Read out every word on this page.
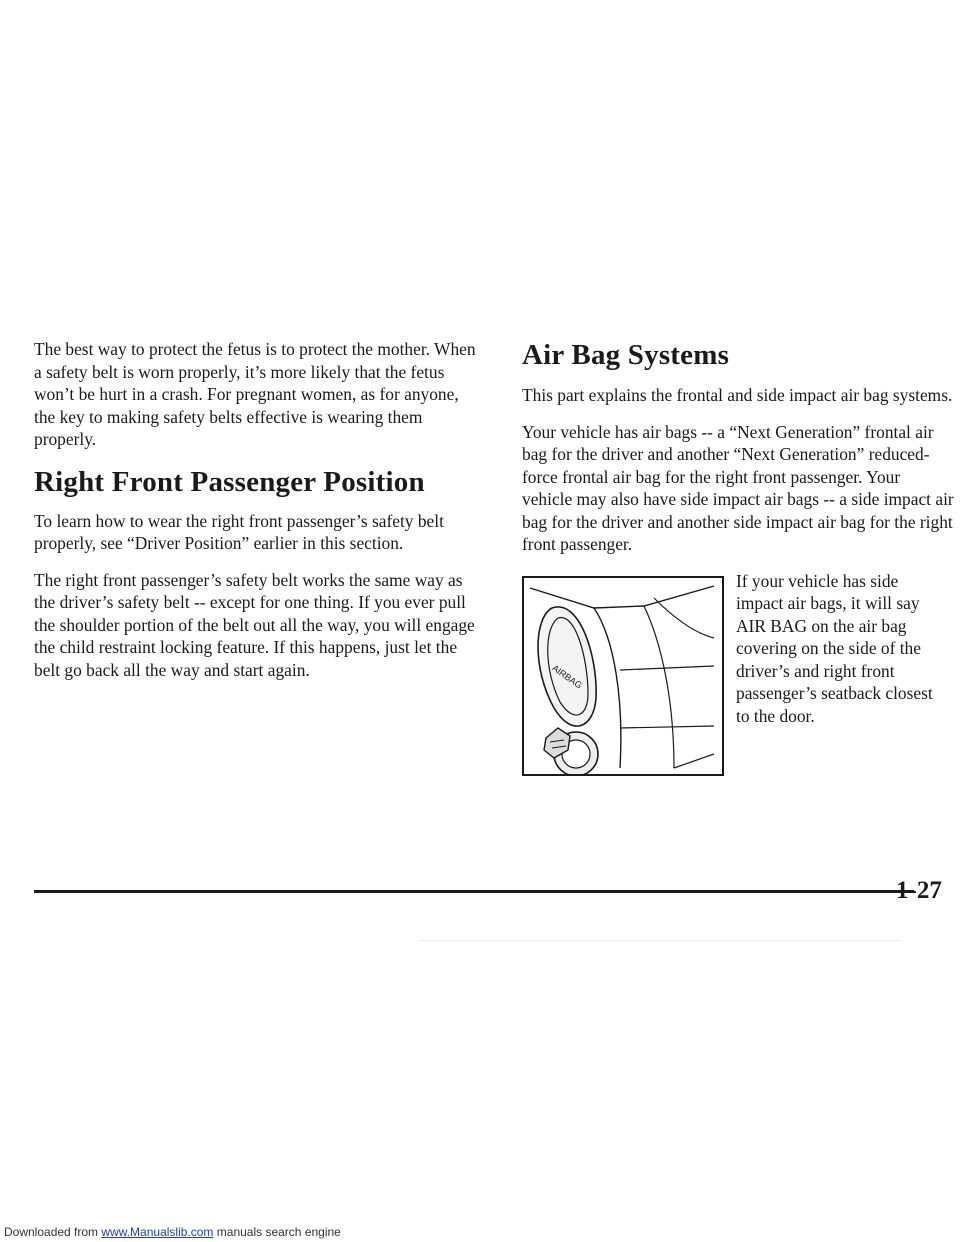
The best way to protect the fetus is to protect the mother. When a safety belt is worn properly, it’s more likely that the fetus won’t be hurt in a crash. For pregnant women, as for anyone, the key to making safety belts effective is wearing them properly.

Right Front Passenger Position

To learn how to wear the right front passenger’s safety belt properly, see “Driver Position” earlier in this section.

The right front passenger’s safety belt works the same way as the driver’s safety belt -- except for one thing. If you ever pull the shoulder portion of the belt out all the way, you will engage the child restraint locking feature. If this happens, just let the belt go back all the way and start again.

Air Bag Systems

This part explains the frontal and side impact air bag systems.

Your vehicle has air bags -- a “Next Generation” frontal air bag for the driver and another “Next Generation” reduced-force frontal air bag for the right front passenger. Your vehicle may also have side impact air bags -- a side impact air bag for the driver and another side impact air bag for the right front passenger.

AIRBAG

If your vehicle has side impact air bags, it will say AIR BAG on the air bag covering on the side of the driver’s and right front passenger’s seatback closest to the door.

1-27
Downloaded from www.Manualslib.com manuals search engine
